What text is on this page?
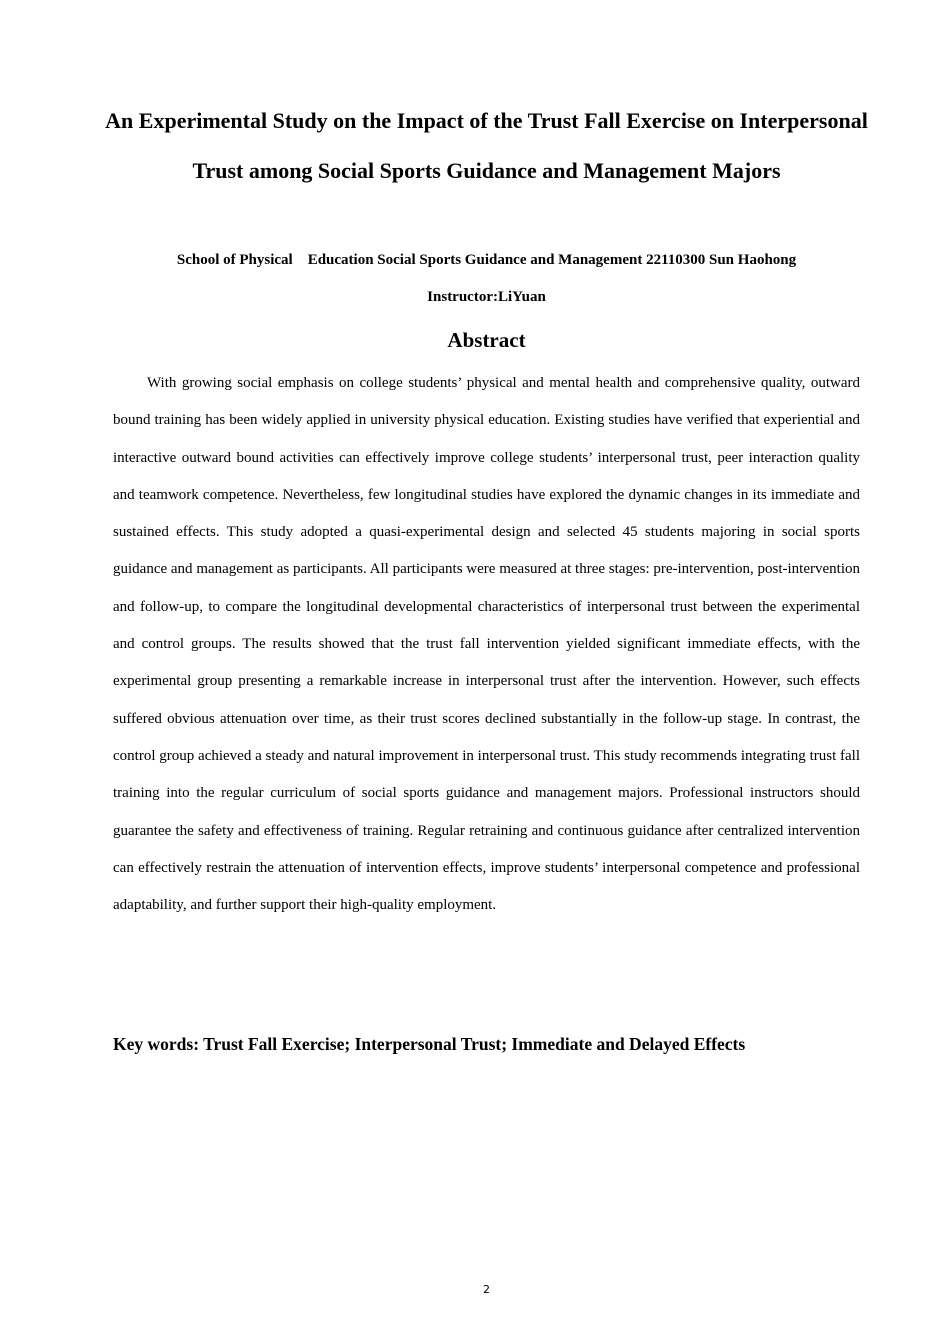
An Experimental Study on the Impact of the Trust Fall Exercise on Interpersonal Trust among Social Sports Guidance and Management Majors

School of Physical Education Social Sports Guidance and Management 22110300 Sun Haohong

Instructor:LiYuan

Abstract

With growing social emphasis on college students’ physical and mental health and comprehensive quality, outward bound training has been widely applied in university physical education. Existing studies have verified that experiential and interactive outward bound activities can effectively improve college students’ interpersonal trust, peer interaction quality and teamwork competence. Nevertheless, few longitudinal studies have explored the dynamic changes in its immediate and sustained effects. This study adopted a quasi-experimental design and selected 45 students majoring in social sports guidance and management as participants. All participants were measured at three stages: pre-intervention, post-intervention and follow-up, to compare the longitudinal developmental characteristics of interpersonal trust between the experimental and control groups. The results showed that the trust fall intervention yielded significant immediate effects, with the experimental group presenting a remarkable increase in interpersonal trust after the intervention. However, such effects suffered obvious attenuation over time, as their trust scores declined substantially in the follow-up stage. In contrast, the control group achieved a steady and natural improvement in interpersonal trust. This study recommends integrating trust fall training into the regular curriculum of social sports guidance and management majors. Professional instructors should guarantee the safety and effectiveness of training. Regular retraining and continuous guidance after centralized intervention can effectively restrain the attenuation of intervention effects, improve students’ interpersonal competence and professional adaptability, and further support their high-quality employment.

Key words: Trust Fall Exercise; Interpersonal Trust; Immediate and Delayed Effects

2
